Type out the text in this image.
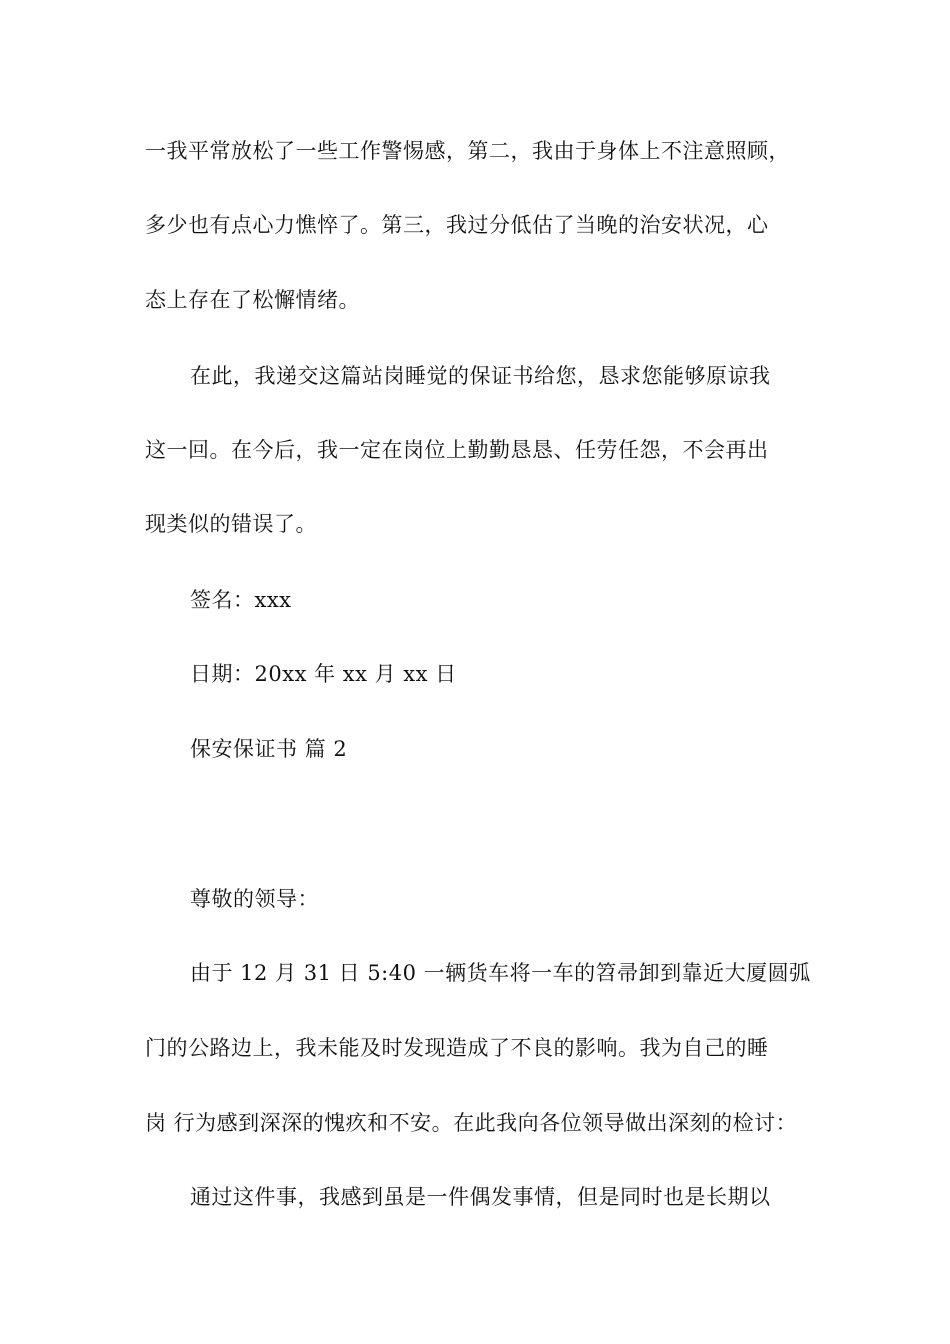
一我平常放松了一些工作警惕感，第二，我由于身体上不注意照顾，
多少也有点心力憔悴了。第三，我过分低估了当晚的治安状况，心
态上存在了松懈情绪。
在此，我递交这篇站岗睡觉的保证书给您，恳求您能够原谅我
这一回。在今后，我一定在岗位上勤勤恳恳、任劳任怨，不会再出
现类似的错误了。
签名：xxx
日期：20xx 年 xx 月 xx 日
保安保证书 篇 2
尊敬的领导：
由于 12 月 31 日 5:40 一辆货车将一车的笤帚卸到靠近大厦圆弧
门的公路边上，我未能及时发现造成了不良的影响。我为自己的睡
岗 行为感到深深的愧疚和不安。在此我向各位领导做出深刻的检讨：
通过这件事，我感到虽是一件偶发事情，但是同时也是长期以
